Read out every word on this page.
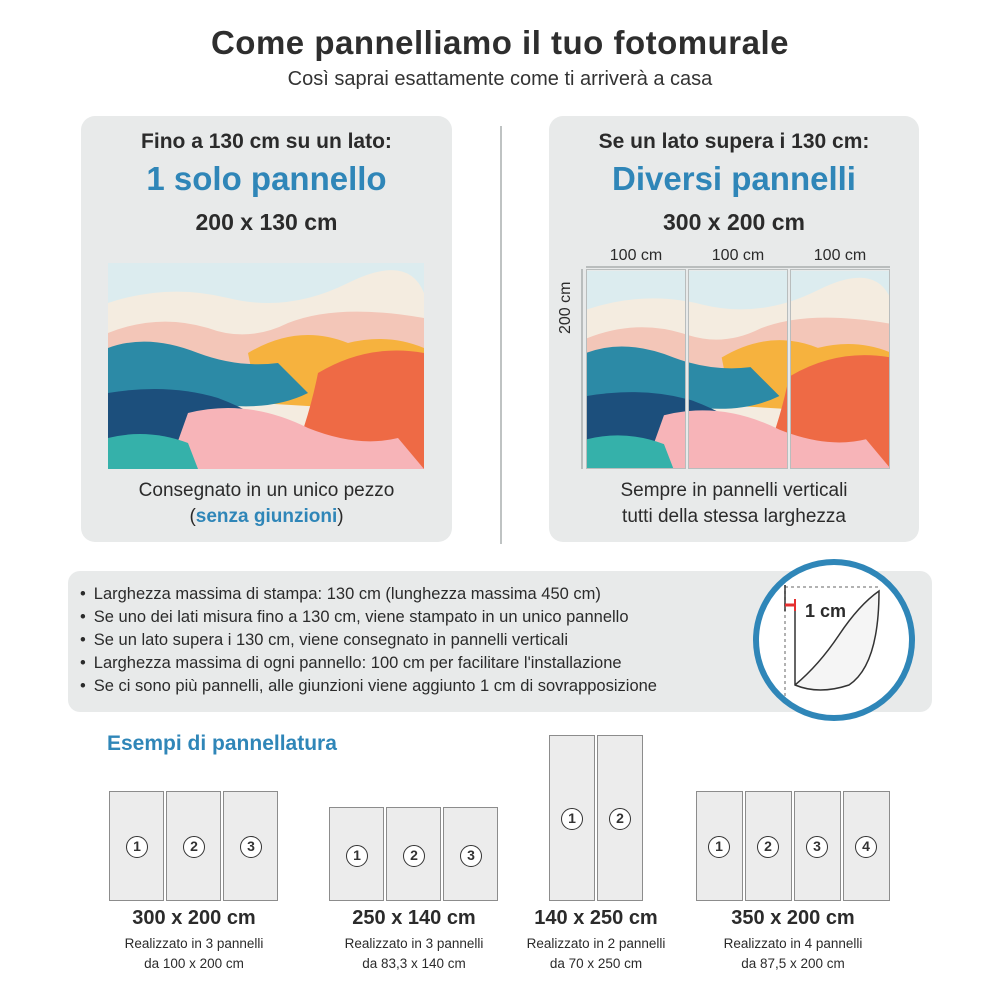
Come pannelliamo il tuo fotomurale
Così saprai esattamente come ti arriverà a casa
Fino a 130 cm su un lato:
1 solo pannello
200 x 130 cm
Consegnato in un unico pezzo
(senza giunzioni)
Se un lato supera i 130 cm:
Diversi pannelli
300 x 200 cm
100 cm	100 cm	100 cm
200 cm
Sempre in pannelli verticali
tutti della stessa larghezza
• Larghezza massima di stampa: 130 cm (lunghezza massima 450 cm)
• Se uno dei lati misura fino a 130 cm, viene stampato in un unico pannello
• Se un lato supera i 130 cm, viene consegnato in pannelli verticali
• Larghezza massima di ogni pannello: 100 cm per facilitare l'installazione
• Se ci sono più pannelli, alle giunzioni viene aggiunto 1 cm di sovrapposizione
1 cm
Esempi di pannellatura
1	2	3
300 x 200 cm
Realizzato in 3 pannelli
da 100 x 200 cm
1	2	3
250 x 140 cm
Realizzato in 3 pannelli
da 83,3 x 140 cm
1	2
140 x 250 cm
Realizzato in 2 pannelli
da 70 x 250 cm
1	2	3	4
350 x 200 cm
Realizzato in 4 pannelli
da 87,5 x 200 cm
